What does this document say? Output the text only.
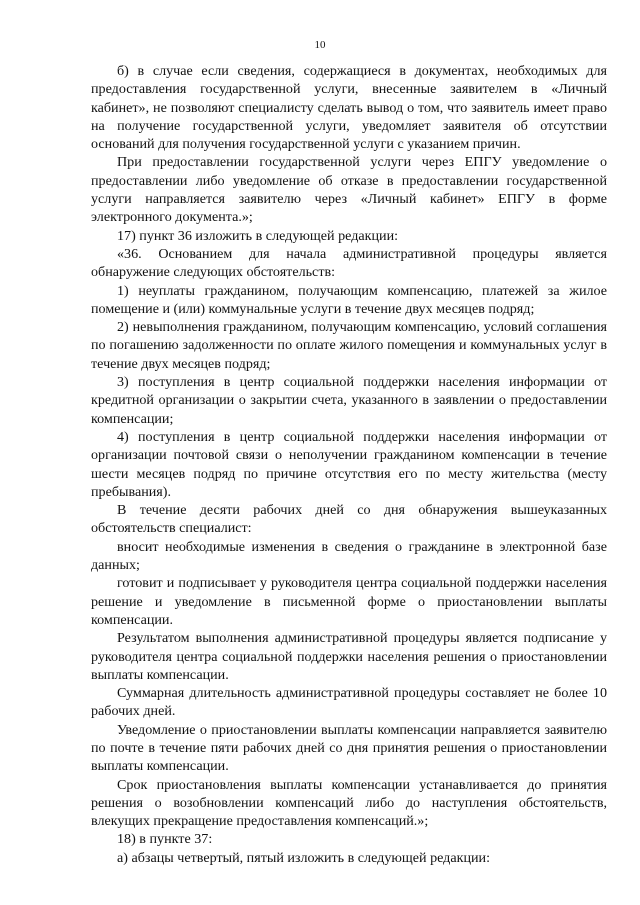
10

б) в случае если сведения, содержащиеся в документах, необходимых для предоставления государственной услуги, внесенные заявителем в «Личный кабинет», не позволяют специалисту сделать вывод о том, что заявитель имеет право на получение государственной услуги, уведомляет заявителя об отсутствии оснований для получения государственной услуги с указанием причин.

При предоставлении государственной услуги через ЕПГУ уведомление о предоставлении либо уведомление об отказе в предоставлении государственной услуги направляется заявителю через «Личный кабинет» ЕПГУ в форме электронного документа.»;

17) пункт 36 изложить в следующей редакции:

«36. Основанием для начала административной процедуры является обнаружение следующих обстоятельств:

1) неуплаты гражданином, получающим компенсацию, платежей за жилое помещение и (или) коммунальные услуги в течение двух месяцев подряд;

2) невыполнения гражданином, получающим компенсацию, условий соглашения по погашению задолженности по оплате жилого помещения и коммунальных услуг в течение двух месяцев подряд;

3) поступления в центр социальной поддержки населения информации от кредитной организации о закрытии счета, указанного в заявлении о предоставлении компенсации;

4) поступления в центр социальной поддержки населения информации от организации почтовой связи о неполучении гражданином компенсации в течение шести месяцев подряд по причине отсутствия его по месту жительства (месту пребывания).

В течение десяти рабочих дней со дня обнаружения вышеуказанных обстоятельств специалист:

вносит необходимые изменения в сведения о гражданине в электронной базе данных;

готовит и подписывает у руководителя центра социальной поддержки населения решение и уведомление в письменной форме о приостановлении выплаты компенсации.

Результатом выполнения административной процедуры является подписание у руководителя центра социальной поддержки населения решения о приостановлении выплаты компенсации.

Суммарная длительность административной процедуры составляет не более 10 рабочих дней.

Уведомление о приостановлении выплаты компенсации направляется заявителю по почте в течение пяти рабочих дней со дня принятия решения о приостановлении выплаты компенсации.

Срок приостановления выплаты компенсации устанавливается до принятия решения о возобновлении компенсаций либо до наступления обстоятельств, влекущих прекращение предоставления компенсаций.»;

18) в пункте 37:

а) абзацы четвертый, пятый изложить в следующей редакции:
